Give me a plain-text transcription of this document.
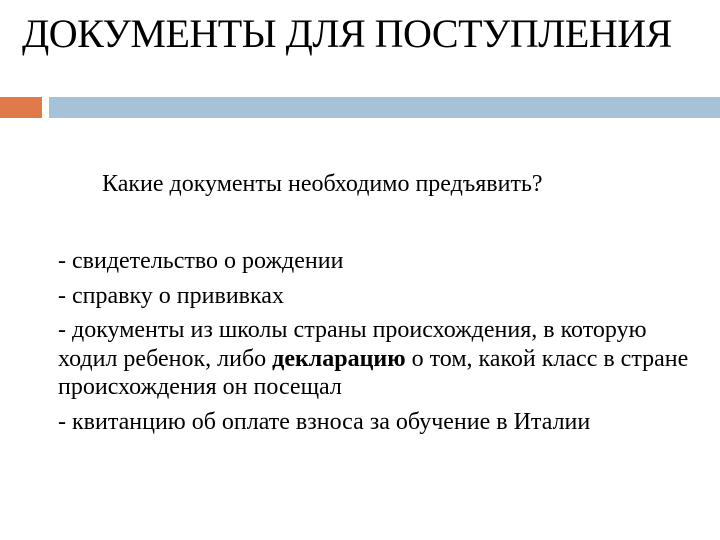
ДОКУМЕНТЫ ДЛЯ ПОСТУПЛЕНИЯ
Какие документы необходимо предъявить?
- свидетельство о рождении
- справку о прививках
- документы из школы страны происхождения, в которую ходил ребенок, либо декларацию о том, какой класс в стране происхождения он посещал
- квитанцию об оплате взноса за обучение в Италии
